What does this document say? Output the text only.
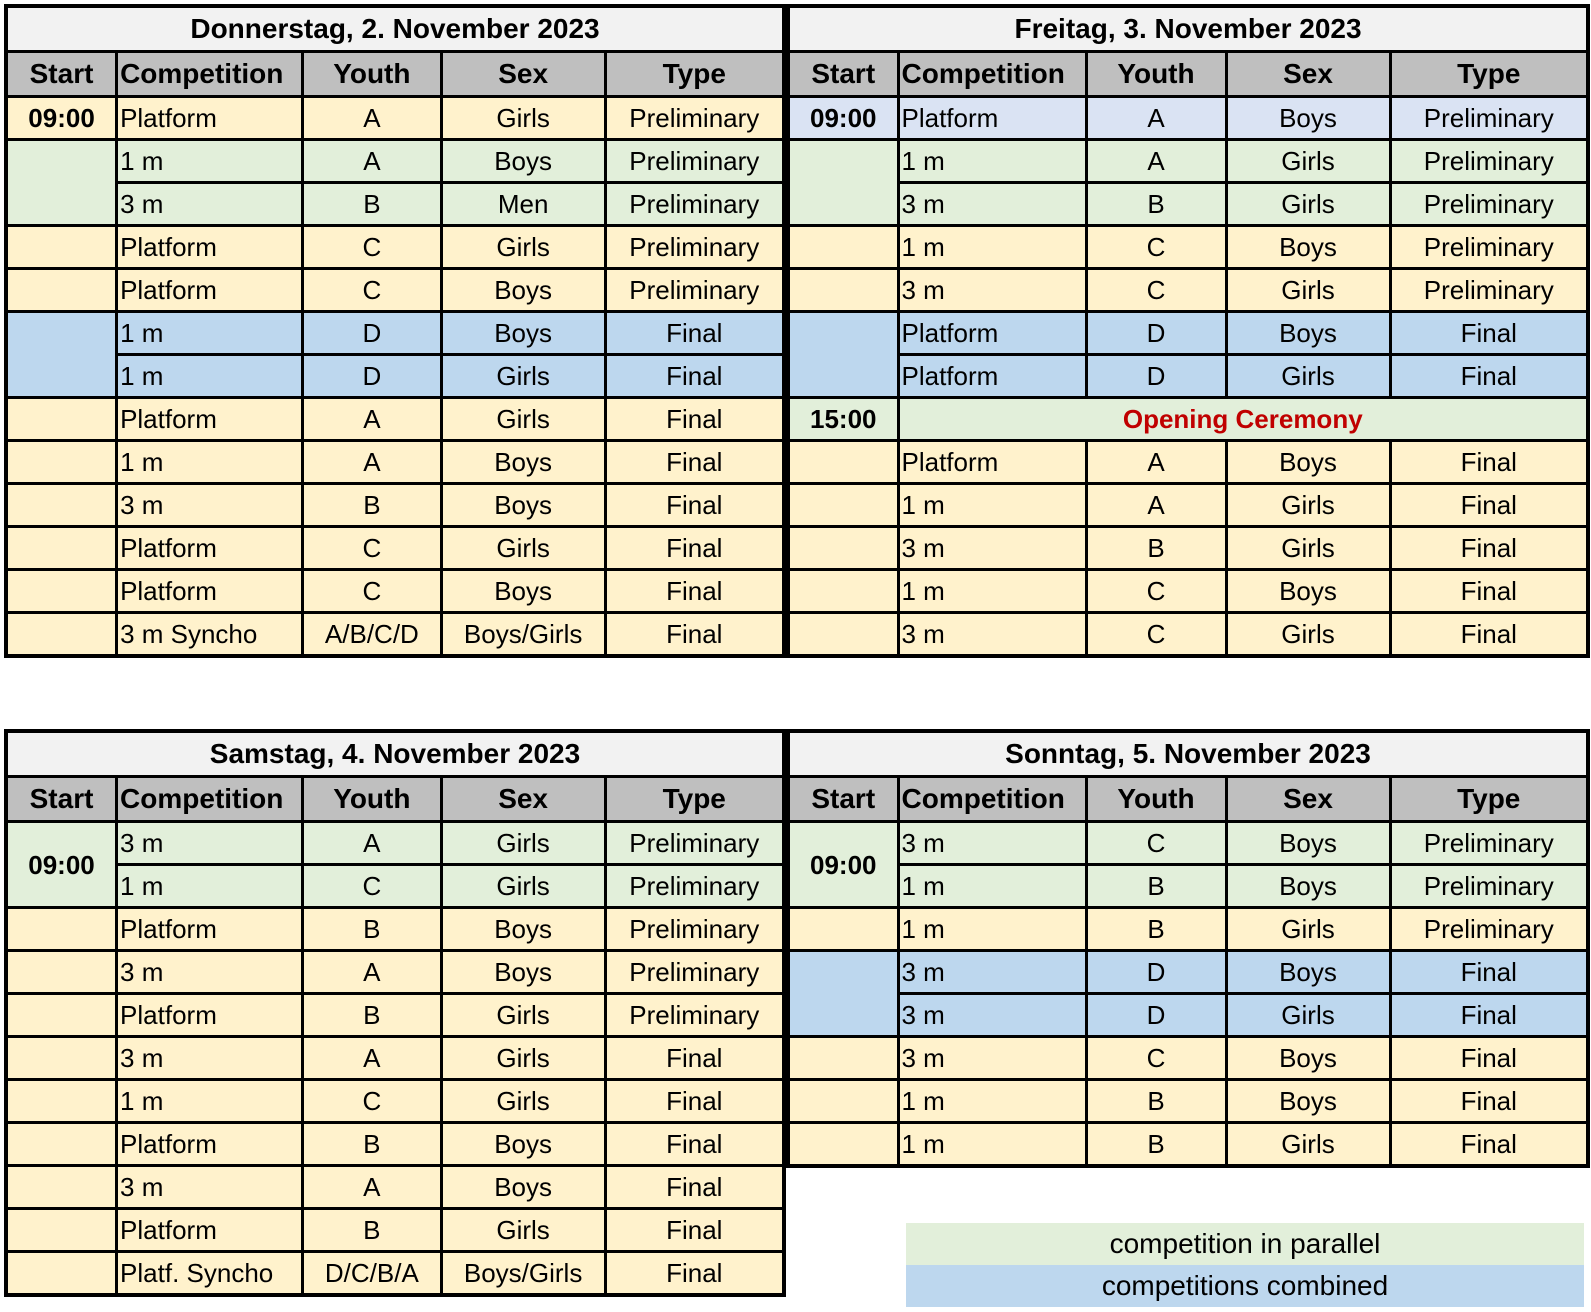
Donnerstag, 2. November 2023				
Start	Competition	Youth	Sex	Type
09:00	Platform	A	Girls	Preliminary
	1 m	A	Boys	Preliminary
	3 m	B	Men	Preliminary
	Platform	C	Girls	Preliminary
	Platform	C	Boys	Preliminary
	1 m	D	Boys	Final
	1 m	D	Girls	Final
	Platform	A	Girls	Final
	1 m	A	Boys	Final
	3 m	B	Boys	Final
	Platform	C	Girls	Final
	Platform	C	Boys	Final
	3 m Syncho	A/B/C/D	Boys/Girls	Final
Freitag, 3. November 2023				
Start	Competition	Youth	Sex	Type
09:00	Platform	A	Boys	Preliminary
	1 m	A	Girls	Preliminary
	3 m	B	Girls	Preliminary
	1 m	C	Boys	Preliminary
	3 m	C	Girls	Preliminary
	Platform	D	Boys	Final
	Platform	D	Girls	Final
15:00	Opening Ceremony			
	Platform	A	Boys	Final
	1 m	A	Girls	Final
	3 m	B	Girls	Final
	1 m	C	Boys	Final
	3 m	C	Girls	Final
Samstag, 4. November 2023				
Start	Competition	Youth	Sex	Type
09:00	3 m	A	Girls	Preliminary
	1 m	C	Girls	Preliminary
	Platform	B	Boys	Preliminary
	3 m	A	Boys	Preliminary
	Platform	B	Girls	Preliminary
	3 m	A	Girls	Final
	1 m	C	Girls	Final
	Platform	B	Boys	Final
	3 m	A	Boys	Final
	Platform	B	Girls	Final
	Platf. Syncho	D/C/B/A	Boys/Girls	Final
Sonntag, 5. November 2023				
Start	Competition	Youth	Sex	Type
09:00	3 m	C	Boys	Preliminary
	1 m	B	Boys	Preliminary
	1 m	B	Girls	Preliminary
	3 m	D	Boys	Final
	3 m	D	Girls	Final
	3 m	C	Boys	Final
	1 m	B	Boys	Final
	1 m	B	Girls	Final
competition in parallel
competitions combined
